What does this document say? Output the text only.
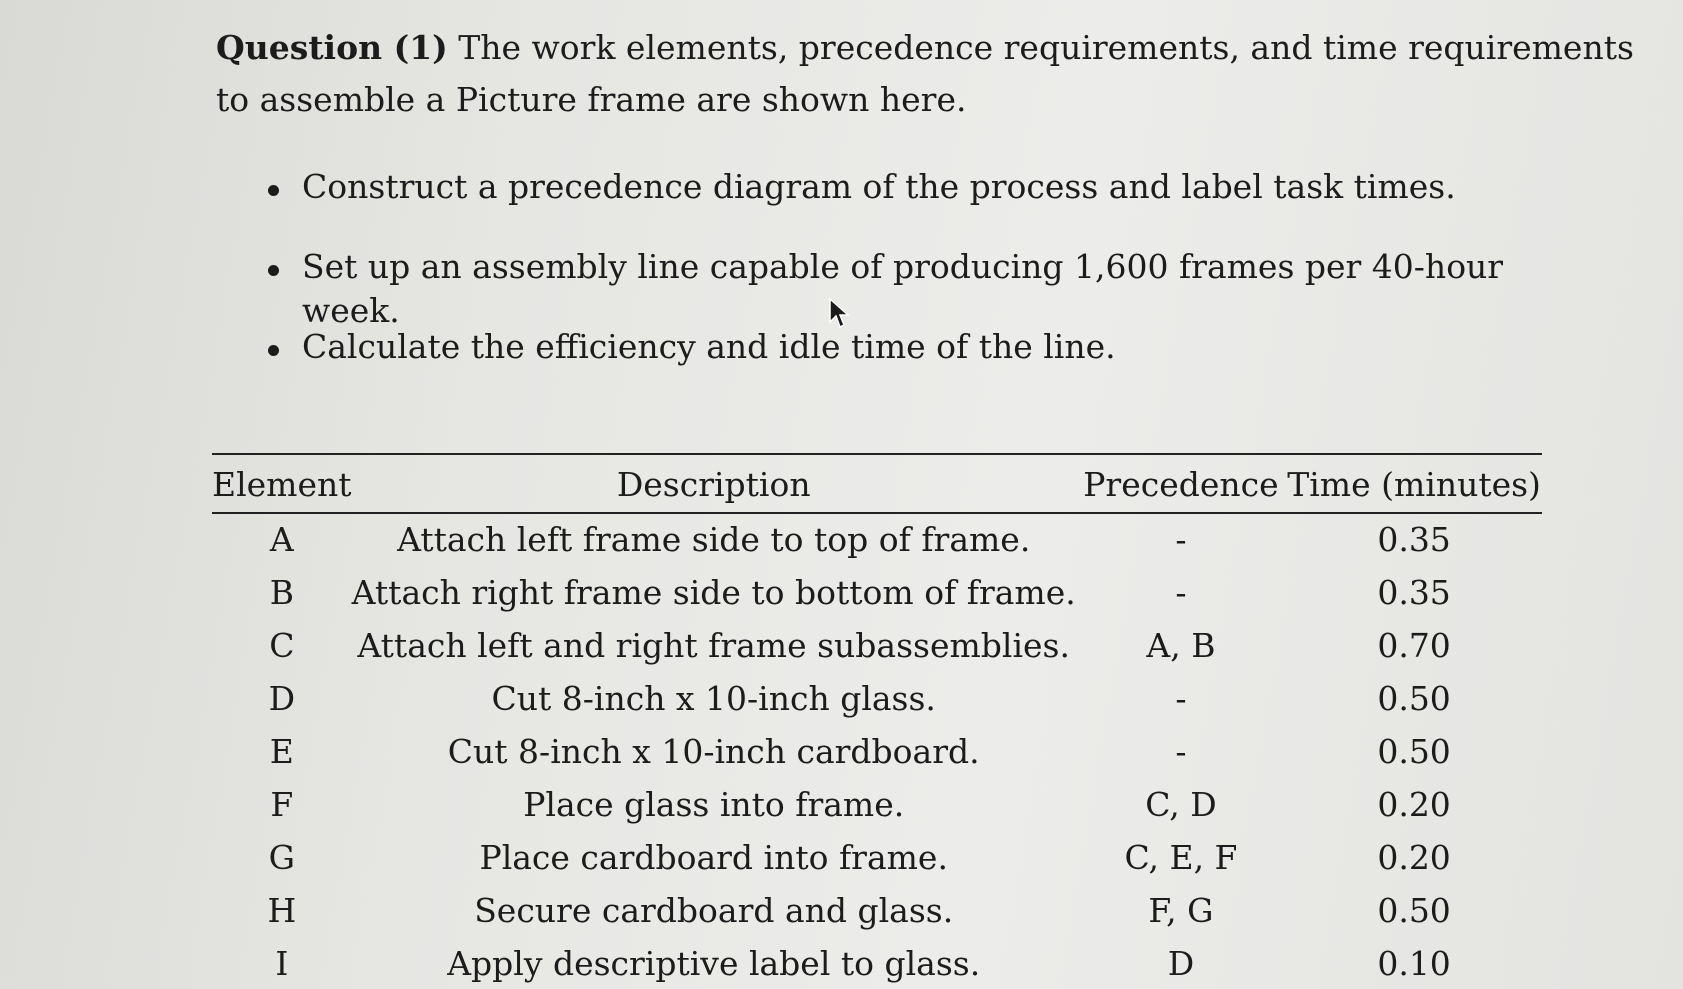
Question (1) The work elements, precedence requirements, and time requirements to assemble a Picture frame are shown here.
Construct a precedence diagram of the process and label task times.
Set up an assembly line capable of producing 1,600 frames per 40-hour week.
Calculate the efficiency and idle time of the line.
Element	Description	Precedence	Time (minutes)
A	Attach left frame side to top of frame.	-	0.35
B	Attach right frame side to bottom of frame.	-	0.35
C	Attach left and right frame subassemblies.	A, B	0.70
D	Cut 8-inch x 10-inch glass.	-	0.50
E	Cut 8-inch x 10-inch cardboard.	-	0.50
F	Place glass into frame.	C, D	0.20
G	Place cardboard into frame.	C, E, F	0.20
H	Secure cardboard and glass.	F, G	0.50
I	Apply descriptive label to glass.	D	0.10
